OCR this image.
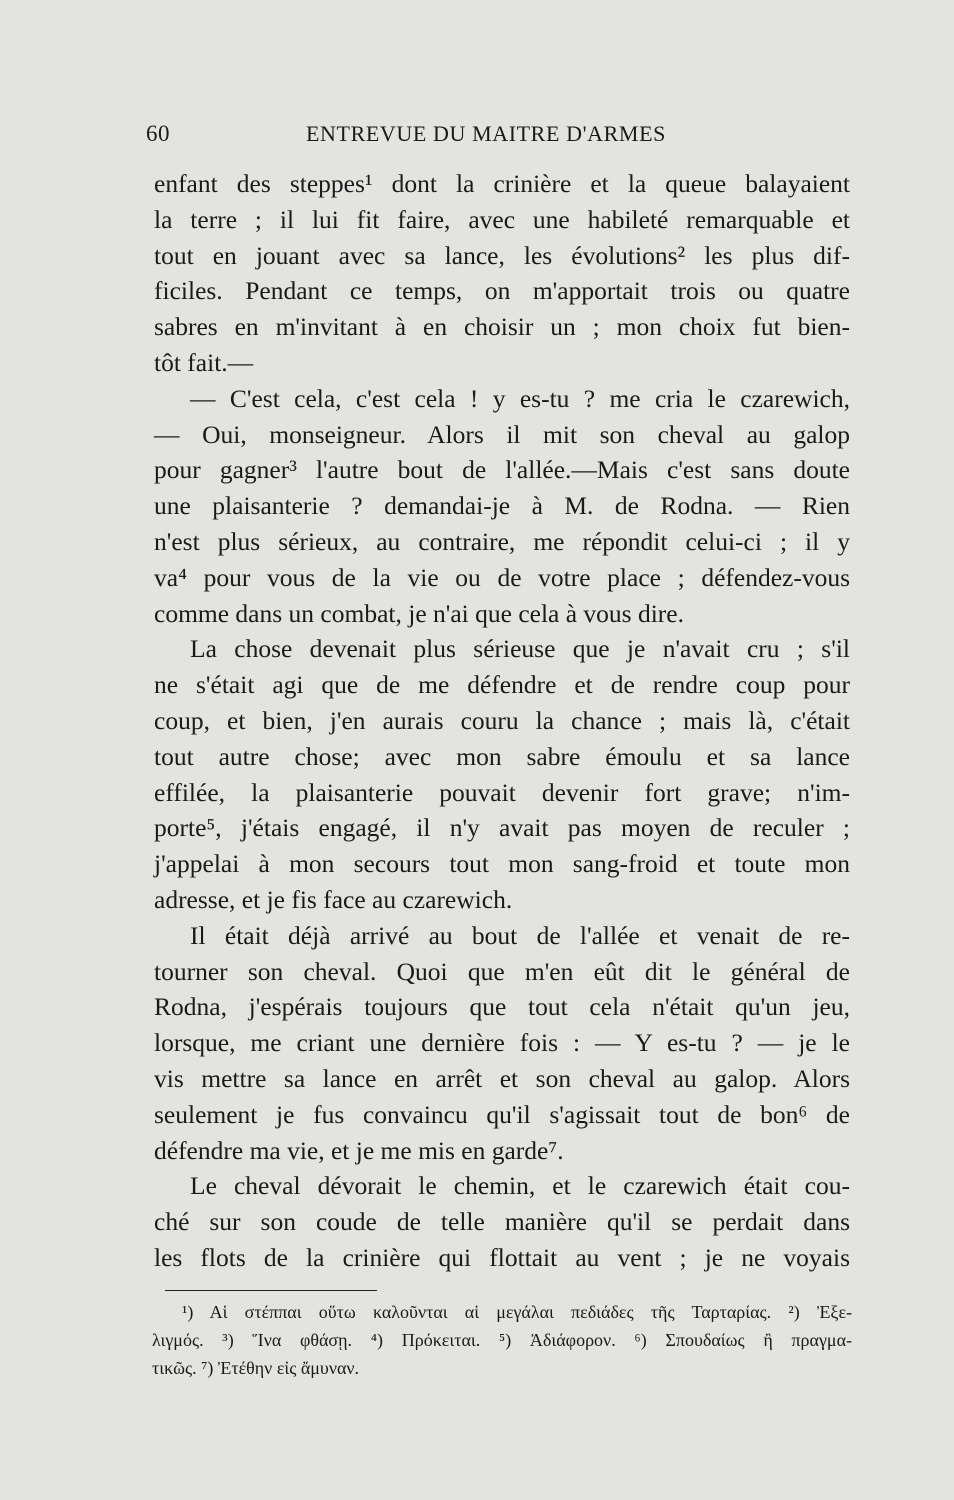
60	ENTREVUE DU MAITRE D'ARMES
enfant des steppes¹ dont la crinière et la queue balayaient
la terre ; il lui fit faire, avec une habileté remarquable et
tout en jouant avec sa lance, les évolutions² les plus dif-
ficiles. Pendant ce temps, on m'apportait trois ou quatre
sabres en m'invitant à en choisir un ; mon choix fut bien-
tôt fait.—
— C'est cela, c'est cela ! y es-tu ? me cria le czarewich,
— Oui, monseigneur. Alors il mit son cheval au galop
pour gagner³ l'autre bout de l'allée.—Mais c'est sans doute
une plaisanterie ? demandai-je à M. de Rodna. — Rien
n'est plus sérieux, au contraire, me répondit celui-ci ; il y
va⁴ pour vous de la vie ou de votre place ; défendez-vous
comme dans un combat, je n'ai que cela à vous dire.
La chose devenait plus sérieuse que je n'avait cru ; s'il
ne s'était agi que de me défendre et de rendre coup pour
coup, et bien, j'en aurais couru la chance ; mais là, c'était
tout autre chose; avec mon sabre émoulu et sa lance
effilée, la plaisanterie pouvait devenir fort grave; n'im-
porte⁵, j'étais engagé, il n'y avait pas moyen de reculer ;
j'appelai à mon secours tout mon sang-froid et toute mon
adresse, et je fis face au czarewich.
Il était déjà arrivé au bout de l'allée et venait de re-
tourner son cheval. Quoi que m'en eût dit le général de
Rodna, j'espérais toujours que tout cela n'était qu'un jeu,
lorsque, me criant une dernière fois : — Y es-tu ? — je le
vis mettre sa lance en arrêt et son cheval au galop. Alors
seulement je fus convaincu qu'il s'agissait tout de bon⁶ de
défendre ma vie, et je me mis en garde⁷.
Le cheval dévorait le chemin, et le czarewich était cou-
ché sur son coude de telle manière qu'il se perdait dans
les flots de la crinière qui flottait au vent ; je ne voyais
¹) Αἱ στέππαι οὕτω καλοῦνται αἱ μεγάλαι πεδιάδες τῆς Ταρταρίας. ²) Ἐξε-
λιγμός. ³) Ἵνα φθάσῃ. ⁴) Πρόκειται. ⁵) Ἀδιάφορον. ⁶) Σπουδαίως ἢ πραγμα-
τικῶς. ⁷) Ἐτέθην εἰς ἄμυναν.
